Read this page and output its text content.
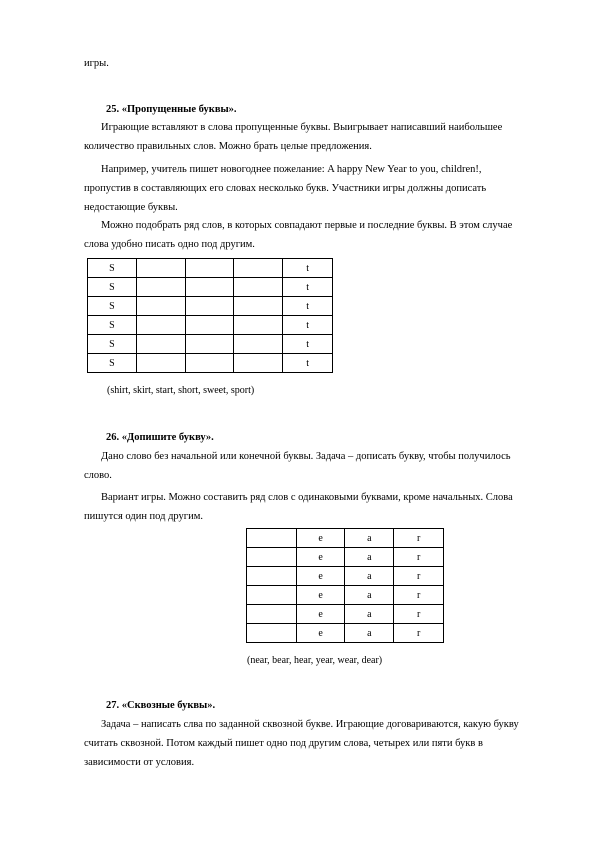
игры.
25. «Пропущенные буквы».
Играющие вставляют в слова пропущенные буквы. Выигрывает написавший наибольшее количество правильных слов. Можно брать целые предложения.
Например, учитель пишет новогоднее пожелание: A happy New Year to you, children!, пропустив в составляющих его словах несколько букв. Участники игры должны дописать недостающие буквы.
Можно подобрать ряд слов, в которых совпадают первые и последние буквы. В этом случае слова удобно писать одно под другим.
S				t
S				t
S				t
S				t
S				t
S				t
(shirt, skirt, start, short, sweet, sport)
26. «Допишите букву».
Дано слово без начальной или конечной буквы. Задача – дописать букву, чтобы получилось слово.
Вариант игры. Можно составить ряд слов с одинаковыми буквами, кроме начальных. Слова пишутся один под другим.
	e	a	r
	e	a	r
	e	a	r
	e	a	r
	e	a	r
	e	a	r
(near, bear, hear, year, wear, dear)
27. «Сквозные буквы».
Задача – написать слва по заданной сквозной букве. Играющие договариваются, какую букву считать сквозной. Потом каждый пишет одно под другим слова, четырех или пяти букв в зависимости от условия.
